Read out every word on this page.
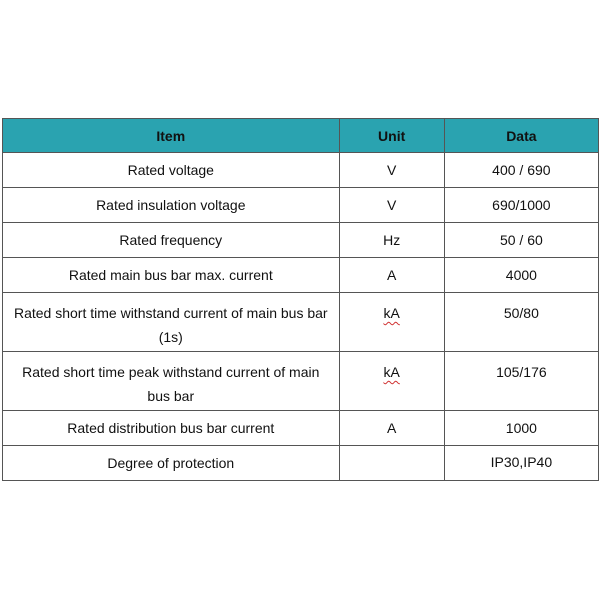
Item	Unit	Data
Rated voltage	V	400 / 690
Rated insulation voltage	V	690/1000
Rated frequency	Hz	50 / 60
Rated main bus bar max. current	A	4000
Rated short time withstand current of main bus bar (1s)	kA	50/80
Rated short time peak withstand current of main bus bar	kA	105/176
Rated distribution bus bar current	A	1000
Degree of protection		IP30,IP40
